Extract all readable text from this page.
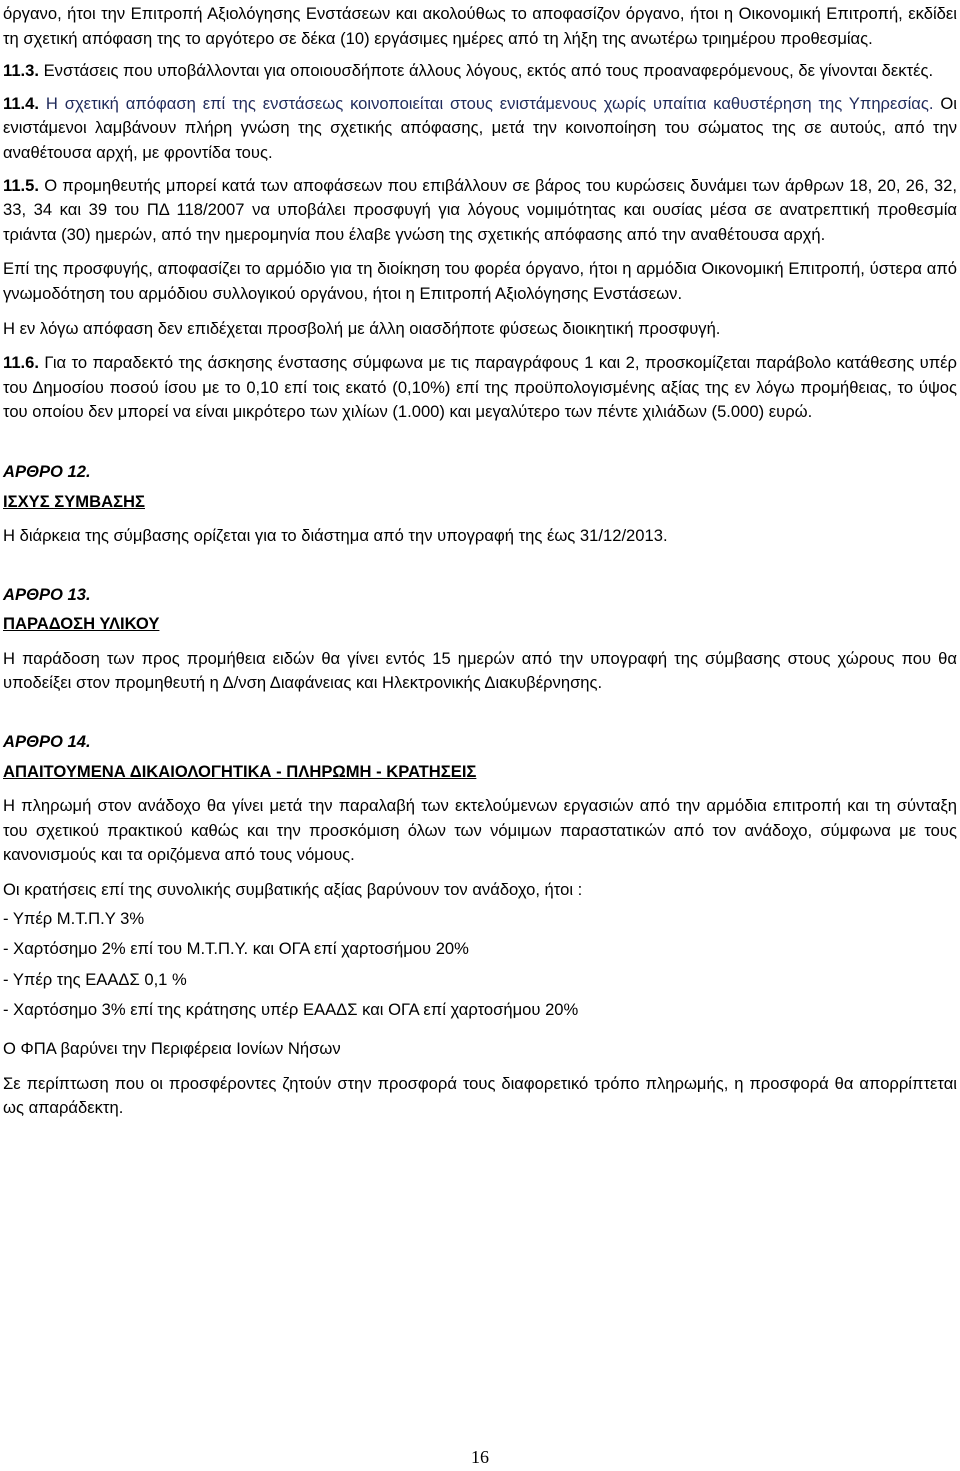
όργανο, ήτοι την Επιτροπή Αξιολόγησης Ενστάσεων και ακολούθως το αποφασίζον όργανο, ήτοι η Οικονομική Επιτροπή, εκδίδει τη σχετική απόφαση της το αργότερο σε δέκα (10) εργάσιμες ημέρες από τη λήξη της ανωτέρω τριημέρου προθεσμίας.

11.3. Ενστάσεις που υποβάλλονται για οποιουσδήποτε άλλους λόγους, εκτός από τους προαναφερόμενους, δε γίνονται δεκτές.

11.4. Η σχετική απόφαση επί της ενστάσεως κοινοποιείται στους ενιστάμενους χωρίς υπαίτια καθυστέρηση της Υπηρεσίας. Οι ενιστάμενοι λαμβάνουν πλήρη γνώση της σχετικής απόφασης, μετά την κοινοποίηση του σώματος της σε αυτούς, από την αναθέτουσα αρχή, με φροντίδα τους.

11.5. Ο προμηθευτής μπορεί κατά των αποφάσεων που επιβάλλουν σε βάρος του κυρώσεις δυνάμει των άρθρων 18, 20, 26, 32, 33, 34 και 39 του ΠΔ 118/2007 να υποβάλει προσφυγή για λόγους νομιμότητας και ουσίας μέσα σε ανατρεπτική προθεσμία τριάντα (30) ημερών, από την ημερομηνία που έλαβε γνώση της σχετικής απόφασης από την αναθέτουσα αρχή.

Επί της προσφυγής, αποφασίζει το αρμόδιο για τη διοίκηση του φορέα όργανο, ήτοι η αρμόδια Οικονομική Επιτροπή, ύστερα από γνωμοδότηση του αρμόδιου συλλογικού οργάνου, ήτοι η Επιτροπή Αξιολόγησης Ενστάσεων.

Η εν λόγω απόφαση δεν επιδέχεται προσβολή με άλλη οιασδήποτε φύσεως διοικητική προσφυγή.

11.6. Για το παραδεκτό της άσκησης ένστασης σύμφωνα με τις παραγράφους 1 και 2, προσκομίζεται παράβολο κατάθεσης υπέρ του Δημοσίου ποσού ίσου με το 0,10 επί τοις εκατό (0,10%) επί της προϋπολογισμένης αξίας της εν λόγω προμήθειας, το ύψος του οποίου δεν μπορεί να είναι μικρότερο των χιλίων (1.000) και μεγαλύτερο των πέντε χιλιάδων (5.000) ευρώ.

ΑΡΘΡΟ 12.

ΙΣΧΥΣ ΣΥΜΒΑΣΗΣ

Η διάρκεια της σύμβασης ορίζεται για το διάστημα από την υπογραφή της έως 31/12/2013.

ΑΡΘΡΟ 13.

ΠΑΡΑΔΟΣΗ ΥΛΙΚΟΥ

Η παράδοση των προς προμήθεια ειδών θα γίνει εντός 15 ημερών από την υπογραφή της σύμβασης στους χώρους που θα υποδείξει στον προμηθευτή η Δ/νση Διαφάνειας και Ηλεκτρονικής Διακυβέρνησης.

ΑΡΘΡΟ 14.

ΑΠΑΙΤΟΥΜΕΝΑ ΔΙΚΑΙΟΛΟΓΗΤΙΚΑ - ΠΛΗΡΩΜΗ - ΚΡΑΤΗΣΕΙΣ

Η πληρωμή στον ανάδοχο θα γίνει μετά την παραλαβή των εκτελούμενων εργασιών από την αρμόδια επιτροπή και τη σύνταξη του σχετικού πρακτικού καθώς και την προσκόμιση όλων των νόμιμων παραστατικών από τον ανάδοχο, σύμφωνα με τους κανονισμούς και τα οριζόμενα από τους νόμους.

Οι κρατήσεις επί της συνολικής συμβατικής αξίας βαρύνουν τον ανάδοχο, ήτοι :

- Υπέρ Μ.Τ.Π.Υ 3%

- Χαρτόσημο 2% επί του Μ.Τ.Π.Υ. και ΟΓΑ επί χαρτοσήμου 20%

- Υπέρ της ΕΑΑΔΣ 0,1 %

- Χαρτόσημο 3% επί της κράτησης υπέρ ΕΑΑΔΣ και ΟΓΑ επί χαρτοσήμου 20%

Ο ΦΠΑ βαρύνει την Περιφέρεια Ιονίων Νήσων

Σε περίπτωση που οι προσφέροντες ζητούν στην προσφορά τους διαφορετικό τρόπο πληρωμής, η προσφορά θα απορρίπτεται ως απαράδεκτη.

16
